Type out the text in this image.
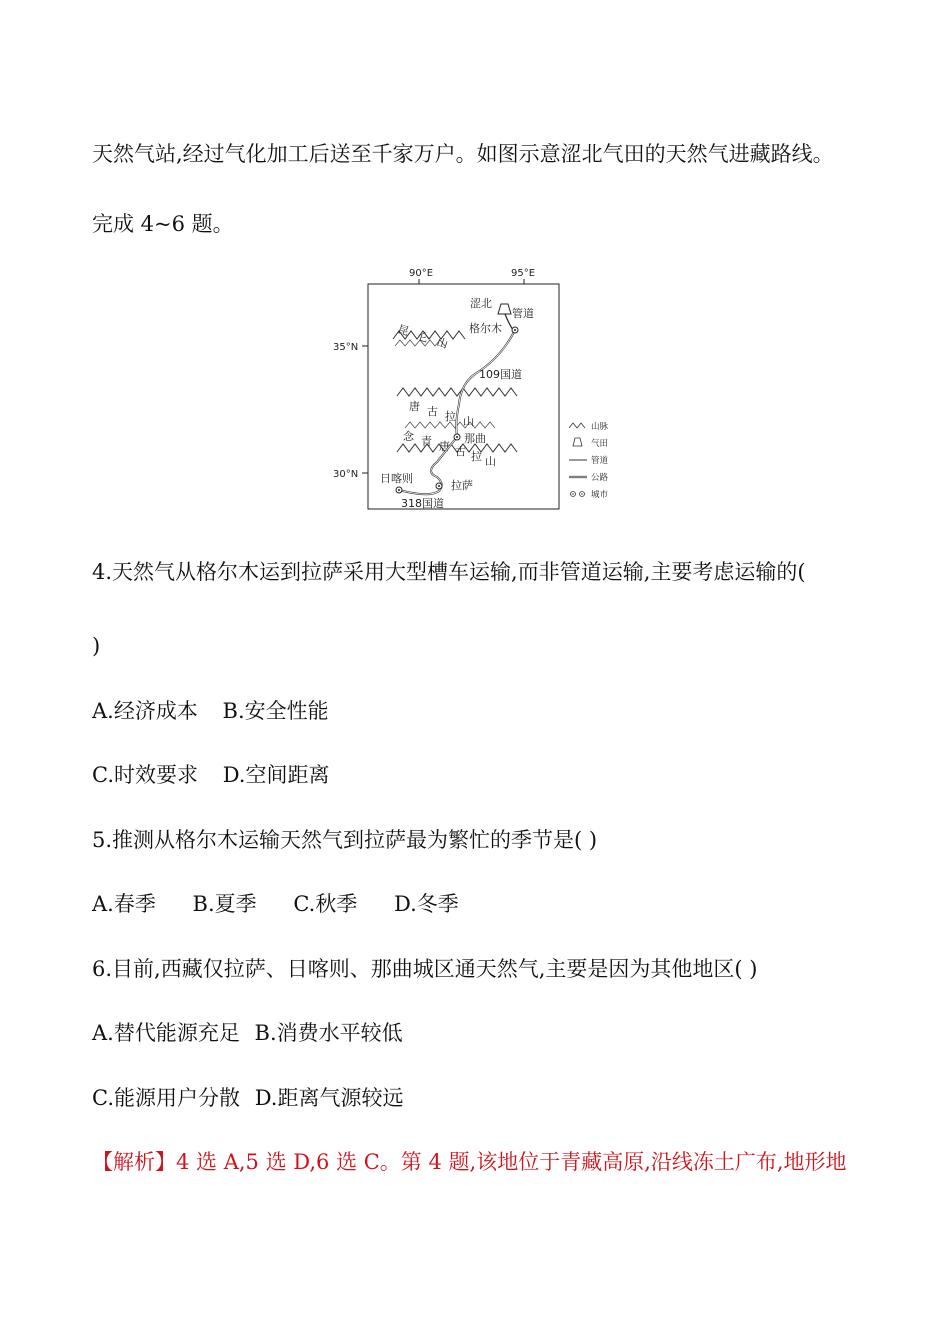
天然气站,经过气化加工后送至千家万户。如图示意涩北气田的天然气进藏路线。
完成 4~6 题。
90°E	95°E
35°N
30°N
昆 仑 山
唐 古 拉 山
念 青 唐 古 拉 山
涩北
管道
格尔木
109国道
那曲
日喀则
拉萨
318国道
山脉
气田
管道
公路
城市
4.天然气从格尔木运到拉萨采用大型槽车运输,而非管道运输,主要考虑运输的(
)
A.经济成本 B.安全性能
C.时效要求 D.空间距离
5.推测从格尔木运输天然气到拉萨最为繁忙的季节是( )
A.春季 B.夏季 C.秋季 D.冬季
6.目前,西藏仅拉萨、日喀则、那曲城区通天然气,主要是因为其他地区( )
A.替代能源充足 B.消费水平较低
C.能源用户分散 D.距离气源较远
【解析】4 选 A,5 选 D,6 选 C。第 4 题,该地位于青藏高原,沿线冻土广布,地形地
